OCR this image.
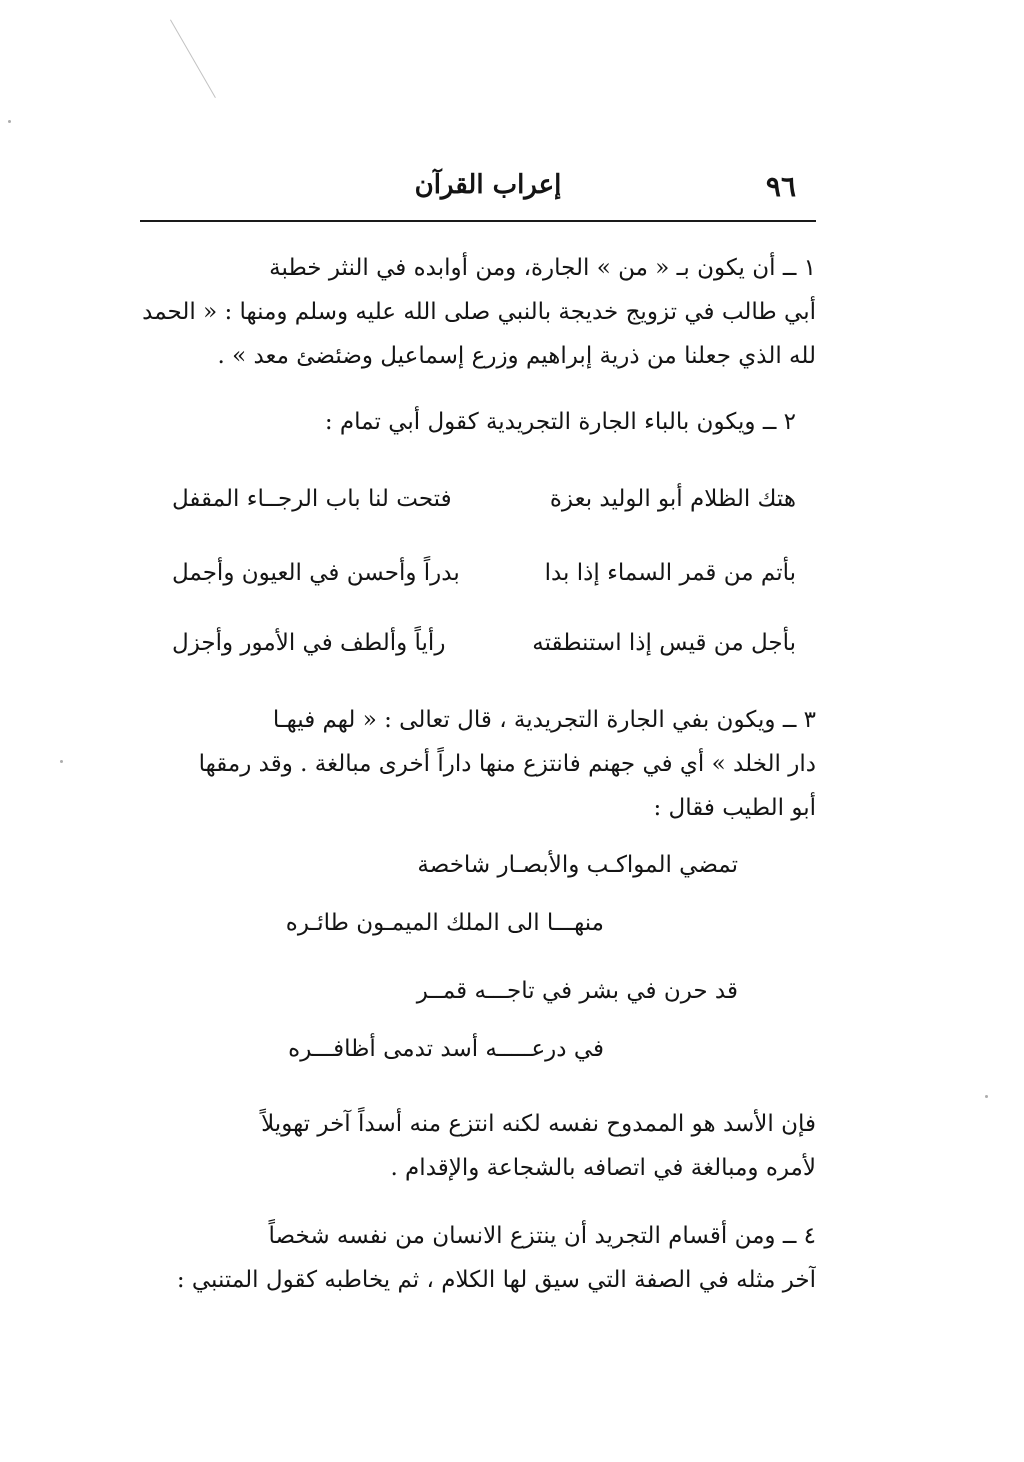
٩٦
إعراب القرآن
١ ــ أن يكون بـ « من » الجارة، ومن أوابده في النثر خطبة
أبي طالب في تزويج خديجة بالنبي صلى الله عليه وسلم ومنها : « الحمد
لله الذي جعلنا من ذرية إبراهيم وزرع إسماعيل وضئضئ معد » .
٢ ــ ويكون بالباء الجارة التجريدية كقول أبي تمام :
هتك الظلام أبو الوليد بعزة
فتحت لنا باب الرجــاء المقفل
بأتم من قمر السماء إذا بدا
بدراً وأحسن في العيون وأجمل
بأجل من قيس إذا استنطقته
رأياً وألطف في الأمور وأجزل
٣ ــ ويكون بفي الجارة التجريدية ، قال تعالى : « لهم فيهـا
دار الخلد » أي في جهنم فانتزع منها داراً أخرى مبالغة . وقد رمقها
أبو الطيب فقال :
تمضي المواكـب والأبصـار شاخصة
منهـــا الى الملك الميمـون طائـره
قد حرن في بشر في تاجـــه قمــر
في درعـــــه أسد تدمى أظافـــره
فإن الأسد هو الممدوح نفسه لكنه انتزع منه أسداً آخر تهويلاً
لأمره ومبالغة في اتصافه بالشجاعة والإقدام .
٤ ــ ومن أقسام التجريد أن ينتزع الانسان من نفسه شخصاً
آخر مثله في الصفة التي سيق لها الكلام ، ثم يخاطبه كقول المتنبي :
